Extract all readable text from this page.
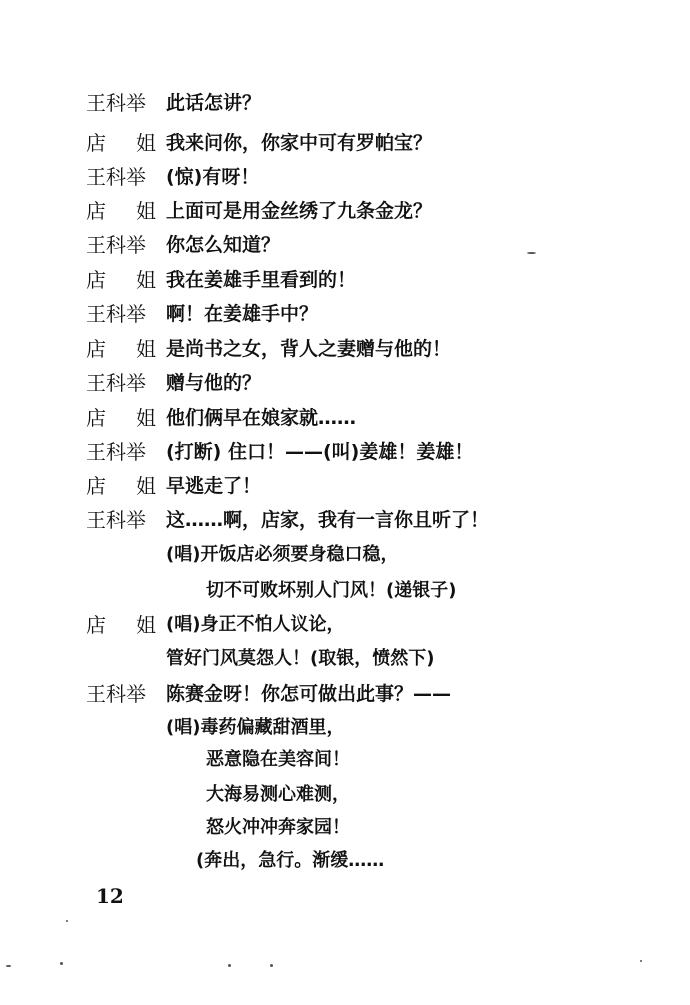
王科举	此话怎讲？
店 姐 我来问你，你家中可有罗帕宝？
王科举	(惊)有呀！
店 姐 上面可是用金丝绣了九条金龙？
王科举	你怎么知道？
店 姐 我在姜雄手里看到的！
王科举	啊！在姜雄手中？
店 姐 是尚书之女，背人之妻赠与他的！
王科举	赠与他的？
店 姐 他们俩早在娘家就……
王科举	(打断) 住口！——(叫)姜雄！姜雄！
店 姐 早逃走了！
王科举	这……啊，店家，我有一言你且听了！
(唱)开饭店必须要身稳口稳，
切不可败坏别人门风！(递银子)
店 姐 (唱)身正不怕人议论，
管好门风莫怨人！(取银，愤然下)
王科举	陈赛金呀！你怎可做出此事？——
(唱)毒药偏藏甜酒里，
恶意隐在美容间！
大海易测心难测，
怒火冲冲奔家园！
(奔出，急行。渐缓……
12
